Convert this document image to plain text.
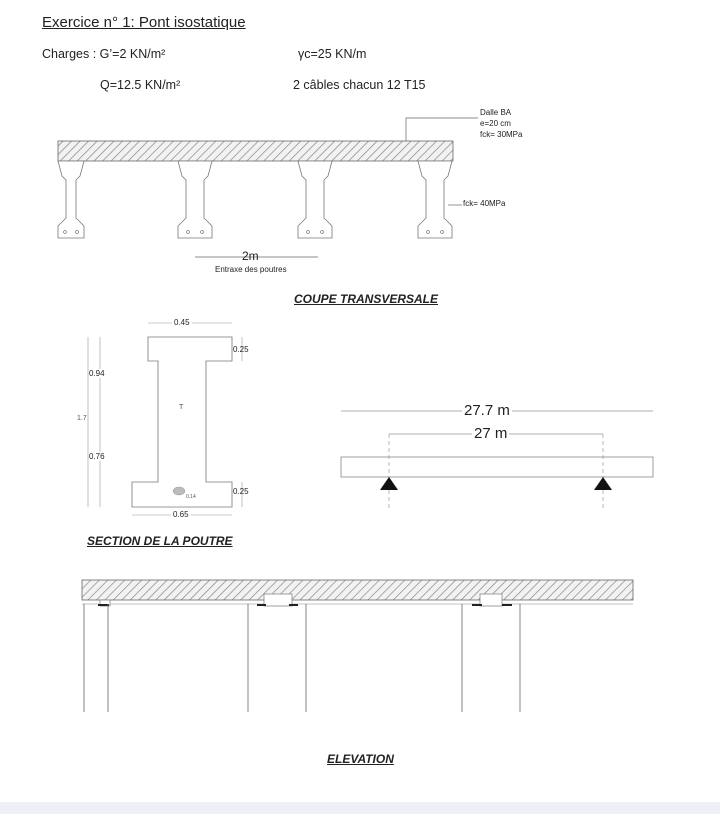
Exercice n° 1: Pont isostatique
Charges : G’=2 KN/m²
Q=12.5 KN/m²
γc=25 KN/m
2 câbles chacun 12 T15
Dalle BA
e=20 cm
fck= 30MPa
fck= 40MPa
2m
Entraxe des poutres
COUPE TRANSVERSALE
0.45
0.25
0.94
1.7
0.76
0.25
0.65
T
0.14
SECTION DE LA POUTRE
27.7 m
27 m
ELEVATION
